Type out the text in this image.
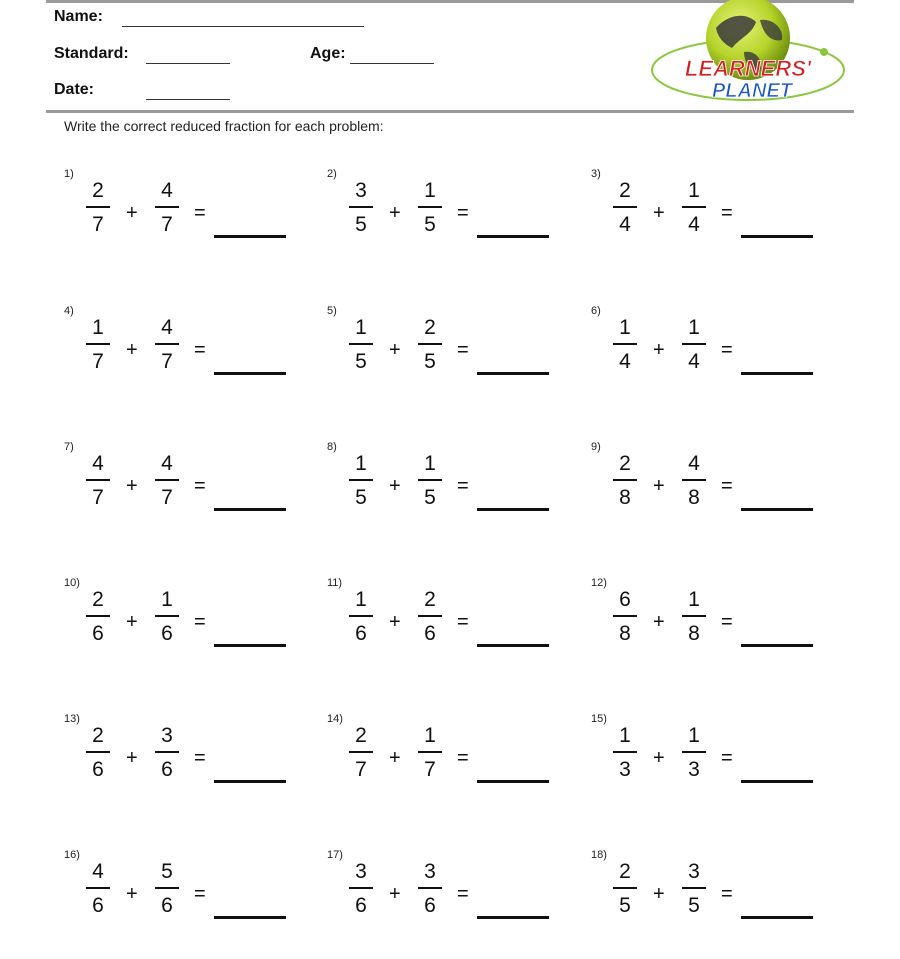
Name:
Standard:	Age:
Date:
LEARNERS'
PLANET
Write the correct reduced fraction for each problem:
1)
2
7	+
4
7	=
2)
3
5	+
1
5	=
3)
2
4	+
1
4	=
4)
1
7	+
4
7	=
5)
1
5	+
2
5	=
6)
1
4	+
1
4	=
7)
4
7	+
4
7	=
8)
1
5	+
1
5	=
9)
2
8	+
4
8	=
10)
2
6	+
1
6	=
11)
1
6	+
2
6	=
12)
6
8	+
1
8	=
13)
2
6	+
3
6	=
14)
2
7	+
1
7	=
15)
1
3	+
1
3	=
16)
4
6	+
5
6	=
17)
3
6	+
3
6	=
18)
2
5	+
3
5	=
